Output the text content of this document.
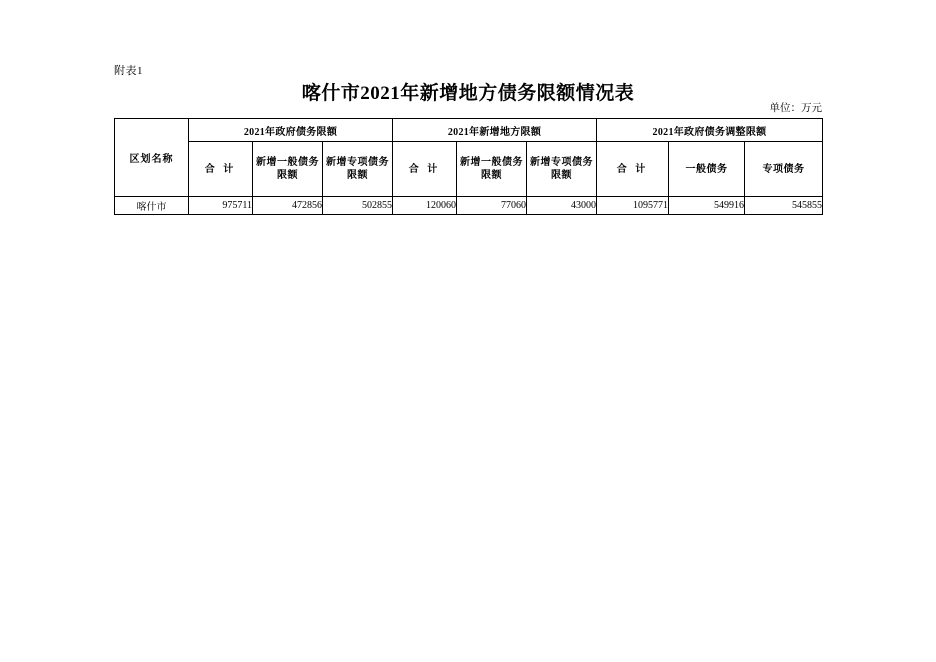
附表1
喀什市2021年新增地方债务限额情况表
单位：万元
区划名称	2021年政府债务限额			2021年新增地方限额			2021年政府债务调整限额		
	合 计	新增一般债务限额	新增专项债务限额	合 计	新增一般债务限额	新增专项债务限额	合 计	一般债务	专项债务
喀什市	975711	472856	502855	120060	77060	43000	1095771	549916	545855
